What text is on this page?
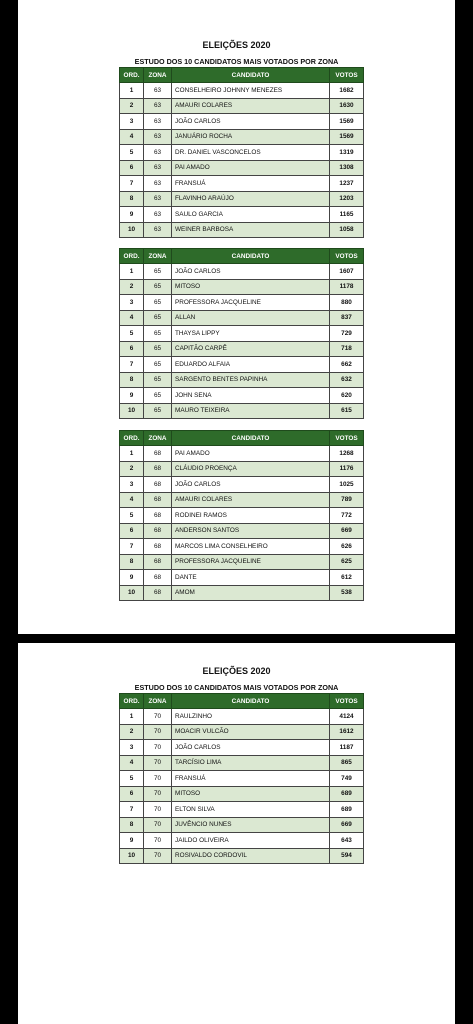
ELEIÇÕES 2020
ESTUDO DOS 10 CANDIDATOS MAIS VOTADOS POR ZONA
ORD.	ZONA	CANDIDATO	VOTOS
1	63	CONSELHEIRO JOHNNY MENEZES	1682
2	63	AMAURI COLARES	1630
3	63	JOÃO CARLOS	1569
4	63	JANUÁRIO ROCHA	1569
5	63	DR. DANIEL VASCONCELOS	1319
6	63	PAI AMADO	1308
7	63	FRANSUÁ	1237
8	63	FLAVINHO ARAÚJO	1203
9	63	SAULO GARCIA	1165
10	63	WEINER BARBOSA	1058
ORD.	ZONA	CANDIDATO	VOTOS
1	65	JOÃO CARLOS	1607
2	65	MITOSO	1178
3	65	PROFESSORA JACQUELINE	880
4	65	ALLAN	837
5	65	THAYSA LIPPY	729
6	65	CAPITÃO CARPÊ	718
7	65	EDUARDO ALFAIA	662
8	65	SARGENTO BENTES PAPINHA	632
9	65	JOHN SENA	620
10	65	MAURO TEIXEIRA	615
ORD.	ZONA	CANDIDATO	VOTOS
1	68	PAI AMADO	1268
2	68	CLÁUDIO PROENÇA	1176
3	68	JOÃO CARLOS	1025
4	68	AMAURI COLARES	789
5	68	RODINEI RAMOS	772
6	68	ANDERSON SANTOS	669
7	68	MARCOS LIMA CONSELHEIRO	626
8	68	PROFESSORA JACQUELINE	625
9	68	DANTE	612
10	68	AMOM	538
ELEIÇÕES 2020
ESTUDO DOS 10 CANDIDATOS MAIS VOTADOS POR ZONA
ORD.	ZONA	CANDIDATO	VOTOS
1	70	RAULZINHO	4124
2	70	MOACIR VULCÃO	1612
3	70	JOÃO CARLOS	1187
4	70	TARCÍSIO LIMA	865
5	70	FRANSUÁ	749
6	70	MITOSO	689
7	70	ELTON SILVA	689
8	70	JUVÊNCIO NUNES	669
9	70	JAILDO OLIVEIRA	643
10	70	ROSIVALDO CORDOVIL	594
